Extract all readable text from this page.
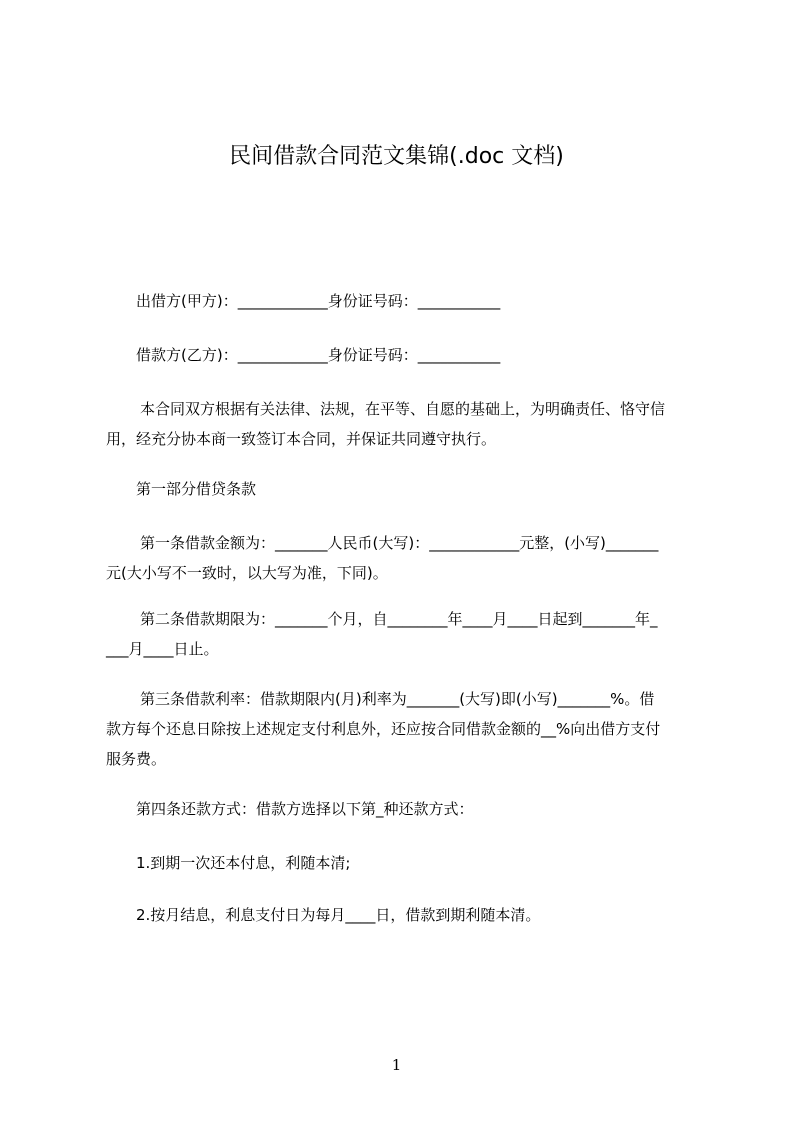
民间借款合同范文集锦(.doc 文档)
出借方(甲方)：____________身份证号码：___________
借款方(乙方)：____________身份证号码：___________
本合同双方根据有关法律、法规，在平等、自愿的基础上，为明确责任、恪守信
用，经充分协本商一致签订本合同，并保证共同遵守执行。
第一部分借贷条款
第一条借款金额为：_______人民币(大写)：____________元整，(小写)_______
元(大小写不一致时，以大写为准，下同)。
第二条借款期限为：_______个月，自________年____月____日起到_______年_
___月____日止。
第三条借款利率：借款期限内(月)利率为_______(大写)即(小写)_______%。借
款方每个还息日除按上述规定支付利息外，还应按合同借款金额的__%向出借方支付
服务费。
第四条还款方式：借款方选择以下第_种还款方式：
1.到期一次还本付息，利随本清;
2.按月结息，利息支付日为每月____日，借款到期利随本清。
1
